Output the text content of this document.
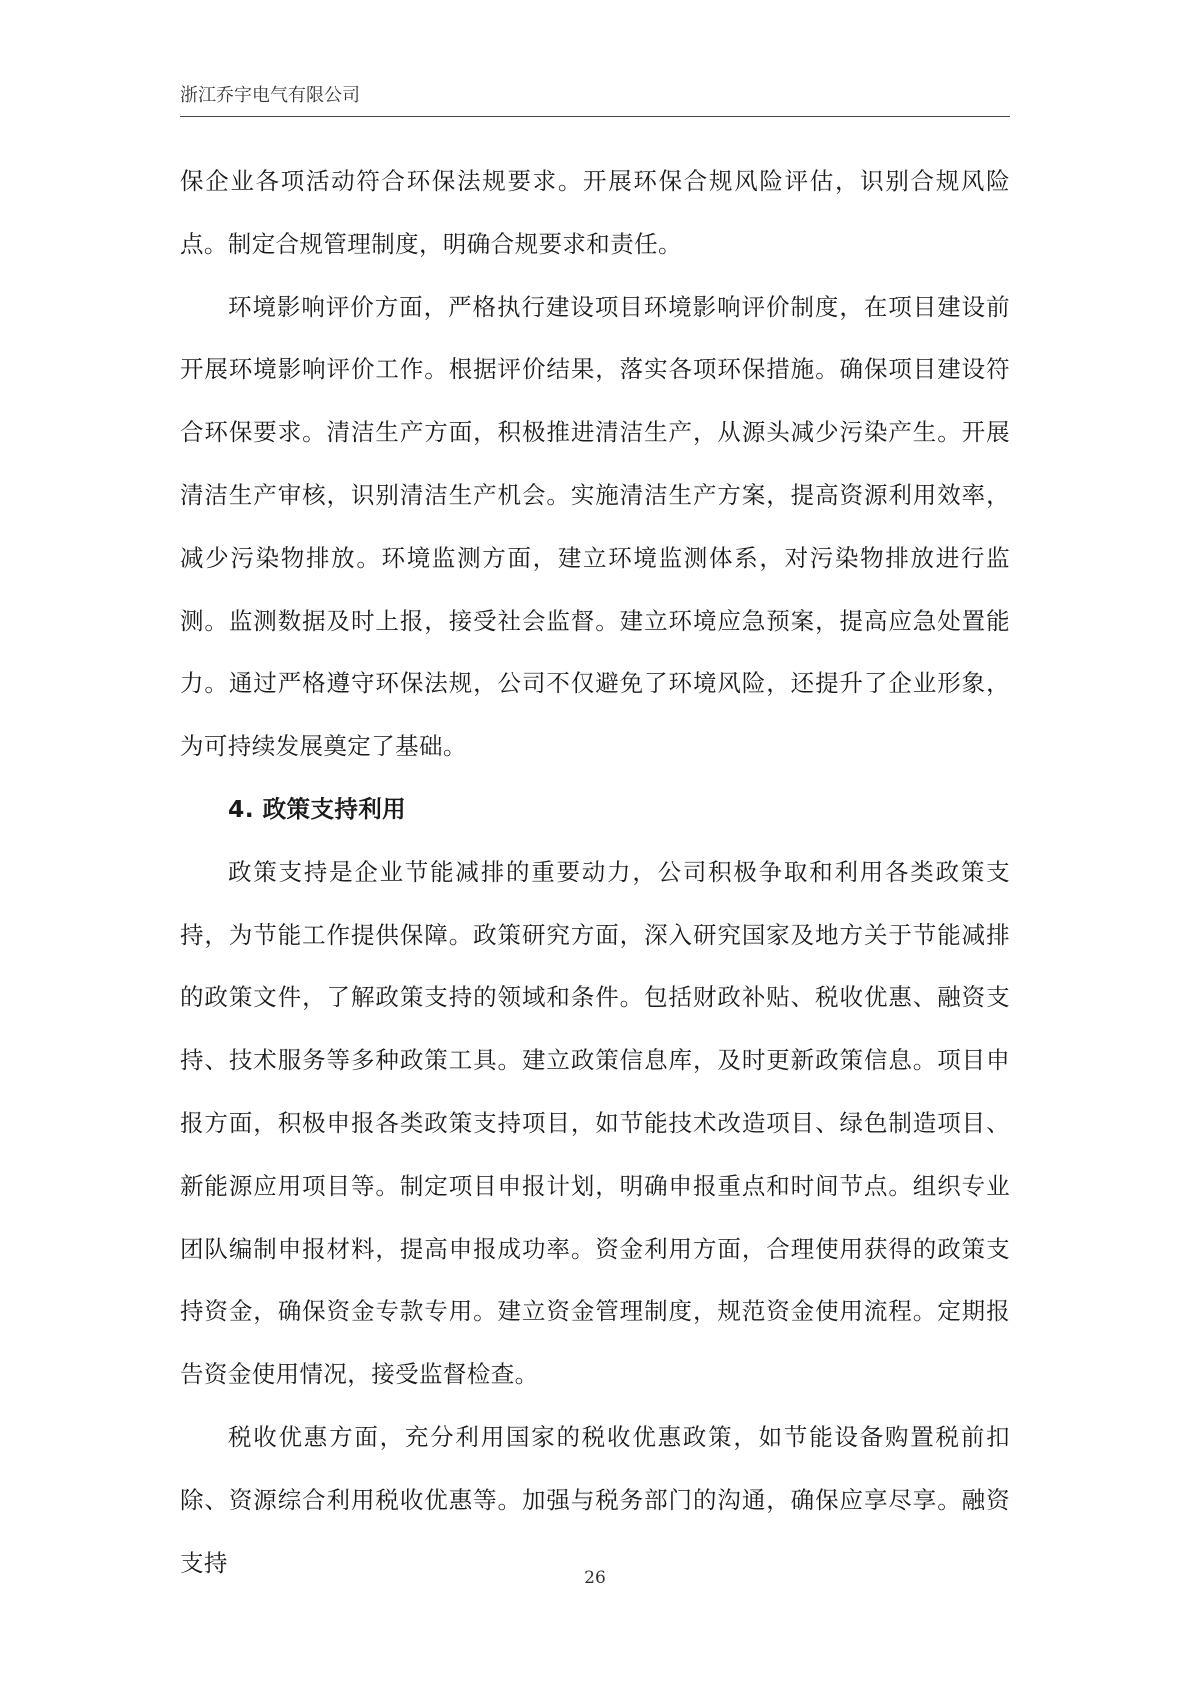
浙江乔宇电气有限公司

保企业各项活动符合环保法规要求。开展环保合规风险评估，识别合规风险点。制定合规管理制度，明确合规要求和责任。

环境影响评价方面，严格执行建设项目环境影响评价制度，在项目建设前开展环境影响评价工作。根据评价结果，落实各项环保措施。确保项目建设符合环保要求。清洁生产方面，积极推进清洁生产，从源头减少污染产生。开展清洁生产审核，识别清洁生产机会。实施清洁生产方案，提高资源利用效率，减少污染物排放。环境监测方面，建立环境监测体系，对污染物排放进行监测。监测数据及时上报，接受社会监督。建立环境应急预案，提高应急处置能力。通过严格遵守环保法规，公司不仅避免了环境风险，还提升了企业形象，为可持续发展奠定了基础。

4. 政策支持利用

政策支持是企业节能减排的重要动力，公司积极争取和利用各类政策支持，为节能工作提供保障。政策研究方面，深入研究国家及地方关于节能减排的政策文件，了解政策支持的领域和条件。包括财政补贴、税收优惠、融资支持、技术服务等多种政策工具。建立政策信息库，及时更新政策信息。项目申报方面，积极申报各类政策支持项目，如节能技术改造项目、绿色制造项目、新能源应用项目等。制定项目申报计划，明确申报重点和时间节点。组织专业团队编制申报材料，提高申报成功率。资金利用方面，合理使用获得的政策支持资金，确保资金专款专用。建立资金管理制度，规范资金使用流程。定期报告资金使用情况，接受监督检查。

税收优惠方面，充分利用国家的税收优惠政策，如节能设备购置税前扣除、资源综合利用税收优惠等。加强与税务部门的沟通，确保应享尽享。融资支持

26
